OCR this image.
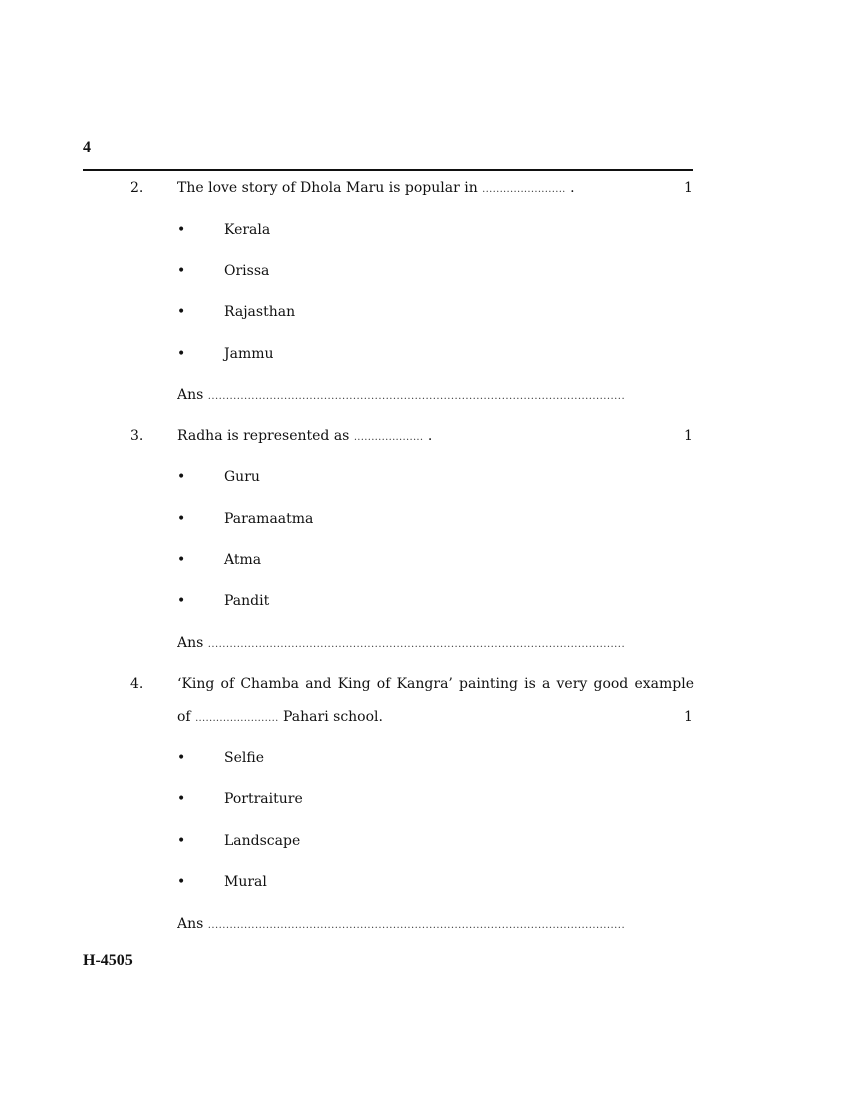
4
2. The love story of Dhola Maru is popular in ........................ .	1
•	Kerala
•	Orissa
•	Rajasthan
•	Jammu
Ans ...................................................................................................................
3. Radha is represented as .................... .	1
•	Guru
•	Paramaatma
•	Atma
•	Pandit
Ans ...................................................................................................................
4. ‘King of Chamba and King of Kangra’ painting is a very good example
of ........................ Pahari school.	1
•	Selfie
•	Portraiture
•	Landscape
•	Mural
Ans ...................................................................................................................
H-4505
